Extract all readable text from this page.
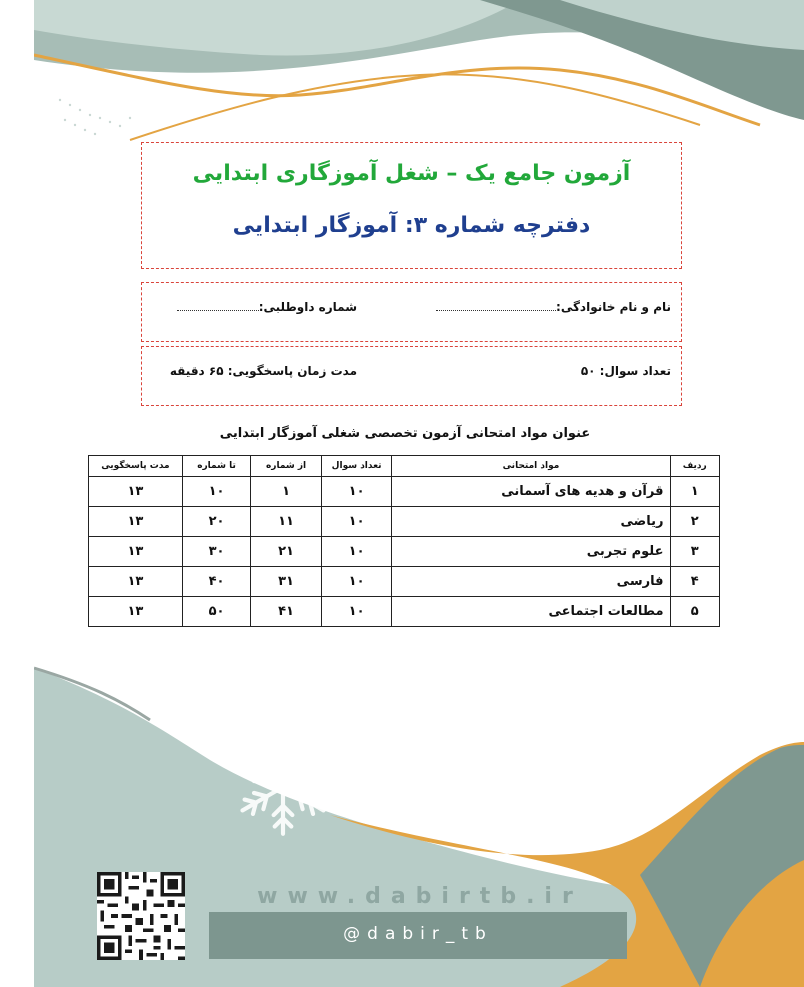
آزمون جامع یک – شغل آموزگاری ابتدایی
دفترچه شماره ۳: آموزگار ابتدایی
نام و نام خانوادگی:
شماره داوطلبی:
تعداد سوال: ۵۰
مدت زمان پاسخگویی: ۶۵ دقیقه
عنوان مواد امتحانی آزمون تخصصی شغلی آموزگار ابتدایی
ردیف	مواد امتحانی	تعداد سوال	از شماره	تا شماره	مدت پاسخگویی
۱	قرآن و هدیه های آسمانی	۱۰	۱	۱۰	۱۳
۲	ریاضی	۱۰	۱۱	۲۰	۱۳
۳	علوم تجربی	۱۰	۲۱	۳۰	۱۳
۴	فارسی	۱۰	۳۱	۴۰	۱۳
۵	مطالعات اجتماعی	۱۰	۴۱	۵۰	۱۳
www.dabirtb.ir
@dabir_tb
